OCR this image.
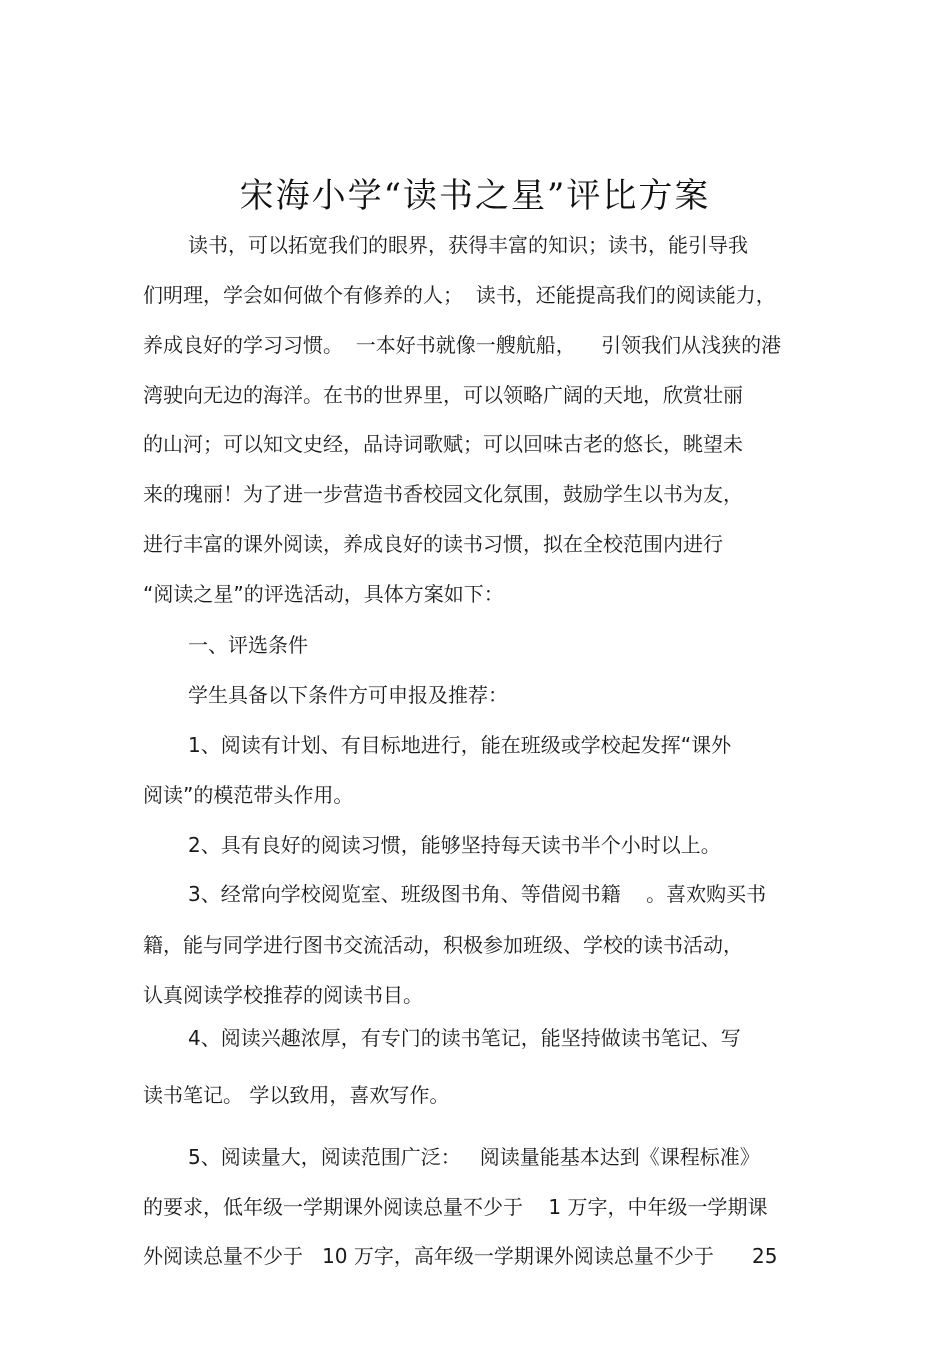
宋海小学“读书之星”评比方案
读书，可以拓宽我们的眼界，获得丰富的知识；读书，能引导我
们明理，学会如何做个有修养的人；  读书，还能提高我们的阅读能力，
养成良好的学习习惯。  一本好书就像一艘航船，    引领我们从浅狭的港
湾驶向无边的海洋。在书的世界里，可以领略广阔的天地，欣赏壮丽
的山河；可以知文史经，品诗词歌赋；可以回味古老的悠长，眺望未
来的瑰丽！为了进一步营造书香校园文化氛围，鼓励学生以书为友，
进行丰富的课外阅读，养成良好的读书习惯，拟在全校范围内进行
“阅读之星”的评选活动，具体方案如下：
一、评选条件
学生具备以下条件方可申报及推荐：
1、阅读有计划、有目标地进行，能在班级或学校起发挥“课外
阅读”的模范带头作用。
2、具有良好的阅读习惯，能够坚持每天读书半个小时以上。
3、经常向学校阅览室、班级图书角、等借阅书籍    。喜欢购买书
籍，能与同学进行图书交流活动，积极参加班级、学校的读书活动，
认真阅读学校推荐的阅读书目。
4、阅读兴趣浓厚，有专门的读书笔记，能坚持做读书笔记、写
读书笔记。 学以致用，喜欢写作。
5、阅读量大，阅读范围广泛：   阅读量能基本达到《课程标准》
的要求，低年级一学期课外阅读总量不少于    1 万字，中年级一学期课
外阅读总量不少于   10 万字，高年级一学期课外阅读总量不少于      25
